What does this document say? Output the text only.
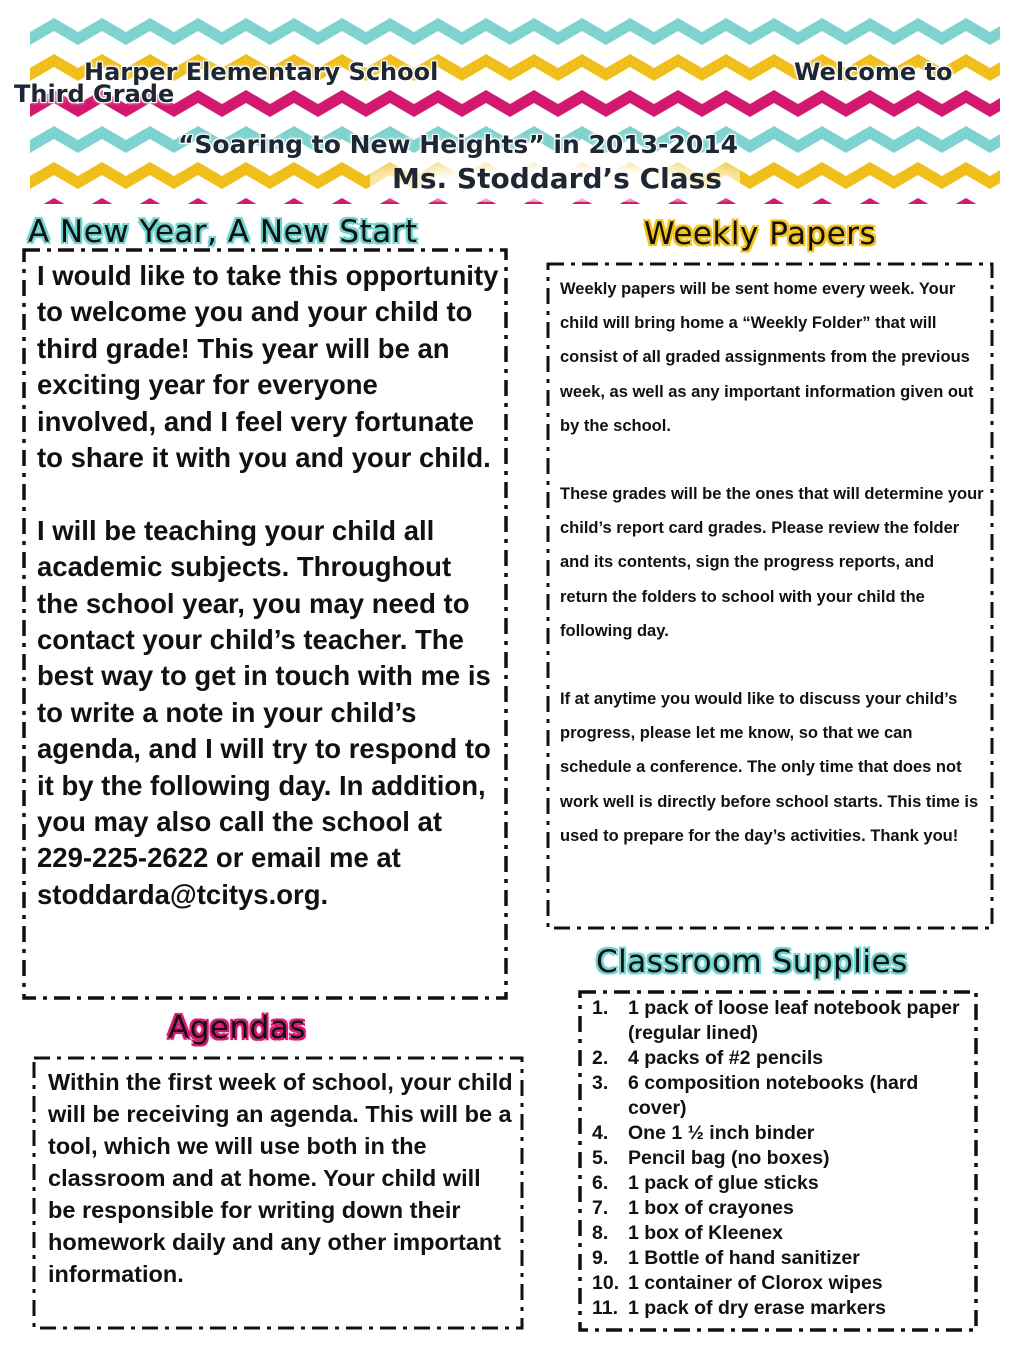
Harper Elementary School	Welcome to
“Soaring to New Heights” in 2013-2014
Ms. Stoddard’s Class
Third Grade
A New Year, A New Start

I would like to take this opportunity to welcome you and your child to third grade! This year will be an exciting year for everyone involved, and I feel very fortunate to share it with you and your child.

I will be teaching your child all academic subjects. Throughout the school year, you may need to contact your child’s teacher. The best way to get in touch with me is to write a note in your child’s agenda, and I will try to respond to it by the following day. In addition, you may also call the school at 229-225-2622 or email me at stoddarda@tcitys.org.

Weekly Papers

Weekly papers will be sent home every week. Your child will bring home a “Weekly Folder” that will consist of all graded assignments from the previous week, as well as any important information given out by the school.

These grades will be the ones that will determine your child’s report card grades. Please review the folder and its contents, sign the progress reports, and return the folders to school with your child the following day.

If at anytime you would like to discuss your child’s progress, please let me know, so that we can schedule a conference. The only time that does not work well is directly before school starts. This time is used to prepare for the day’s activities. Thank you!

Classroom Supplies
1.	1 pack of loose leaf notebook paper (regular lined)
2.	4 packs of #2 pencils
3.	6 composition notebooks (hard cover)
4.	One 1 ½ inch binder
5.	Pencil bag (no boxes)
6.	1 pack of glue sticks
7.	1 box of crayones
8.	1 box of Kleenex
9.	1 Bottle of hand sanitizer
10. 1 container of Clorox wipes
11. 1 pack of dry erase markers
Agendas
Within the first week of school, your child will be receiving an agenda. This will be a tool, which we will use both in the classroom and at home. Your child will be responsible for writing down their homework daily and any other important information.
